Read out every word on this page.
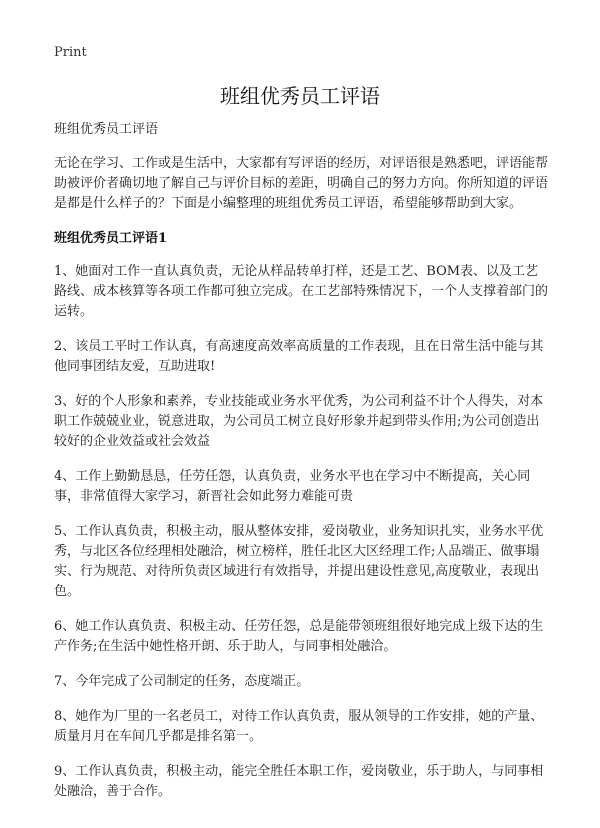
Print
班组优秀员工评语

班组优秀员工评语

无论在学习、工作或是生活中，大家都有写评语的经历，对评语很是熟悉吧，评语能帮助被评价者确切地了解自己与评价目标的差距，明确自己的努力方向。你所知道的评语是都是什么样子的？下面是小编整理的班组优秀员工评语，希望能够帮助到大家。

班组优秀员工评语1

1、她面对工作一直认真负责，无论从样品转单打样，还是工艺、BOM表、以及工艺路线、成本核算等各项工作都可独立完成。在工艺部特殊情况下，一个人支撑着部门的运转。

2、该员工平时工作认真，有高速度高效率高质量的工作表现，且在日常生活中能与其他同事团结友爱，互助进取!

3、好的个人形象和素养，专业技能或业务水平优秀，为公司利益不计个人得失，对本职工作兢兢业业，锐意进取，为公司员工树立良好形象并起到带头作用;为公司创造出较好的企业效益或社会效益

4、工作上勤勤恳恳，任劳任怨，认真负责，业务水平也在学习中不断提高，关心同事，非常值得大家学习，新晋社会如此努力难能可贵

5、工作认真负责，积极主动，服从整体安排，爱岗敬业，业务知识扎实，业务水平优秀，与北区各位经理相处融洽，树立榜样，胜任北区大区经理工作;人品端正、做事塌实、行为规范、对待所负责区域进行有效指导，并提出建设性意见,高度敬业，表现出色。

6、她工作认真负责、积极主动、任劳任怨，总是能带领班组很好地完成上级下达的生产作务;在生活中她性格开朗、乐于助人，与同事相处融洽。

7、今年完成了公司制定的任务，态度端正。

8、她作为厂里的一名老员工，对待工作认真负责，服从领导的工作安排，她的产量、质量月月在车间几乎都是排名第一。

9、工作认真负责，积极主动，能完全胜任本职工作，爱岗敬业，乐于助人，与同事相处融洽，善于合作。
